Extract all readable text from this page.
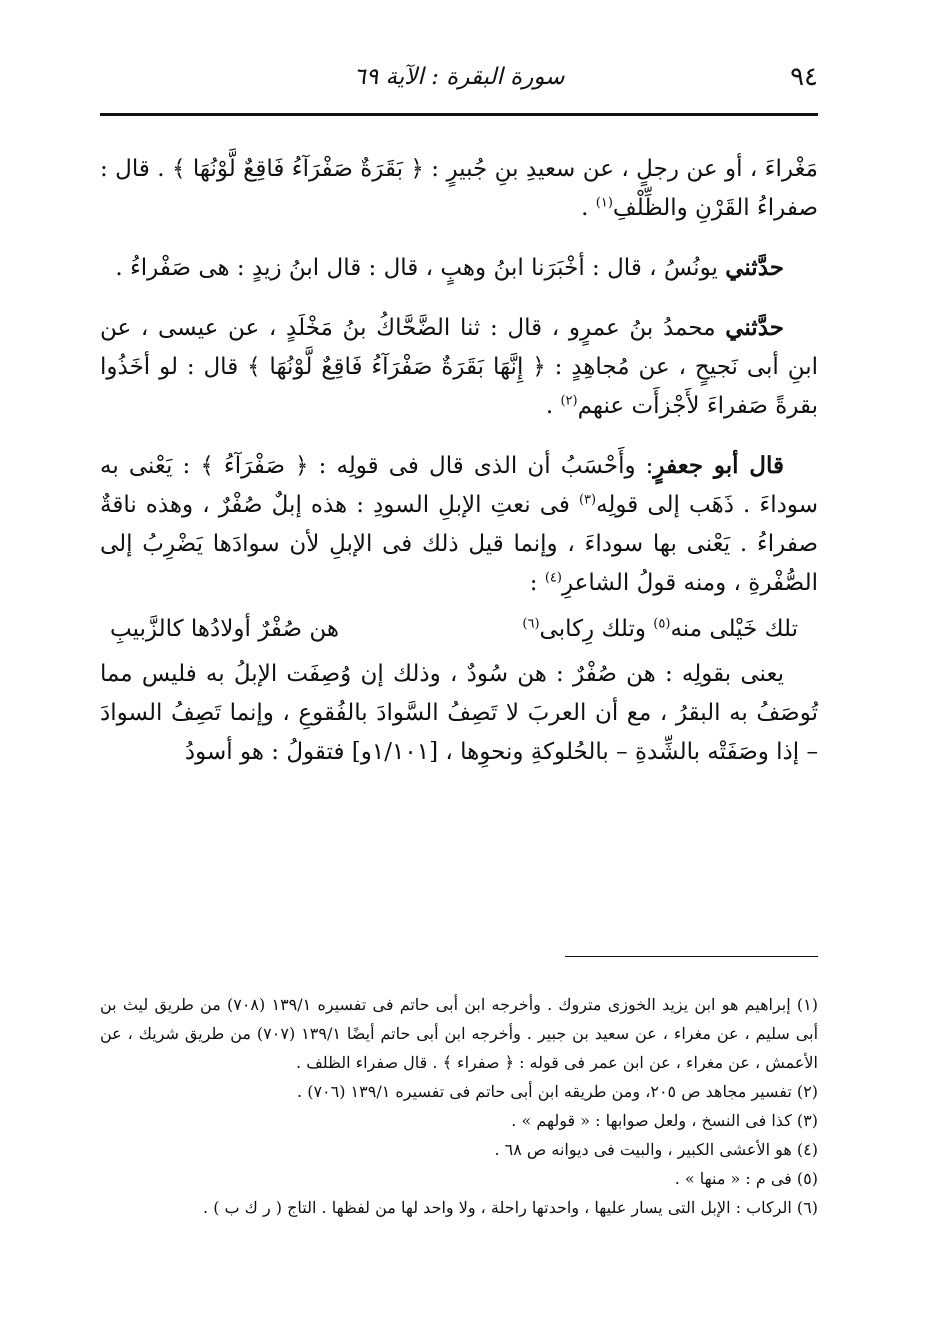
٩٤
سورة البقرة : الآية ٦٩

مَغْراءَ ، أو عن رجلٍ ، عن سعيدِ بنِ جُبيرٍ : ﴿ بَقَرَةٌ صَفْرَآءُ فَاقِعٌ لَّوْنُهَا ﴾ . قال : صفراءُ القَرْنِ والظِّلْفِ$^{(١)}$ .

حدَّثني يونُسُ ، قال : أخْبَرَنا ابنُ وهبٍ ، قال : قال ابنُ زيدٍ : هى صَفْراءُ .

حدَّثني محمدُ بنُ عمرٍو ، قال : ثنا الضَّحَّاكُ بنُ مَخْلَدٍ ، عن عيسى ، عن ابنِ أبى نَجيحٍ ، عن مُجاهِدٍ : ﴿ إِنَّهَا بَقَرَةٌ صَفْرَآءُ فَاقِعٌ لَّوْنُهَا ﴾ قال : لو أخَذُوا بقرةً صَفراءَ لأَجْزأَت عنهم$^{(٢)}$ .

قال أبو جعفرٍ: وأَحْسَبُ أن الذى قال فى قولِه : ﴿ صَفْرَآءُ ﴾ : يَعْنى به سوداءَ . ذَهَب إلى قولِه$^{(٣)}$ فى نعتِ الإبلِ السودِ : هذه إبلٌ صُفْرٌ ، وهذه ناقةٌ صفراءُ . يَعْنى بها سوداءَ ، وإنما قيل ذلك فى الإبلِ لأن سوادَها يَضْرِبُ إلى الصُّفْرةِ ، ومنه قولُ الشاعرِ$^{(٤)}$ :

تلك خَيْلى منه$^{(٥)}$ وتلك رِكابى$^{(٦)}$
هن صُفْرٌ أولادُها كالزَّبيبِ

يعنى بقولِه : هن صُفْرٌ : هن سُودٌ ، وذلك إن وُصِفَت الإبلُ به فليس مما تُوصَفُ به البقرُ ، مع أن العربَ لا تَصِفُ السَّوادَ بالفُقوعِ ، وإنما تَصِفُ السوادَ – إذا وصَفَتْه بالشِّدةِ – بالحُلوكةِ ونحوِها ، [١/١٠١و] فتقولُ : هو أسودُ

(١) إبراهيم هو ابن يزيد الخوزى متروك . وأخرجه ابن أبى حاتم فى تفسيره ١٣٩/١ (٧٠٨) من طريق ليث بن أبى سليم ، عن مغراء ، عن سعيد بن جبير . وأخرجه ابن أبى حاتم أيضًا ١٣٩/١ (٧٠٧) من طريق شريك ، عن الأعمش ، عن مغراء ، عن ابن عمر فى قوله : ﴿ صفراء ﴾ . قال صفراء الظلف .

(٢) تفسير مجاهد ص ٢٠٥، ومن طريقه ابن أبى حاتم فى تفسيره ١٣٩/١ (٧٠٦) .

(٣) كذا فى النسخ ، ولعل صوابها : « قولهم » .

(٤) هو الأعشى الكبير ، والبيت فى ديوانه ص ٦٨ .

(٥) فى م : « منها » .

(٦) الركاب : الإبل التى يسار عليها ، واحدتها راحلة ، ولا واحد لها من لفظها . التاج ( ر ك ب ) .
